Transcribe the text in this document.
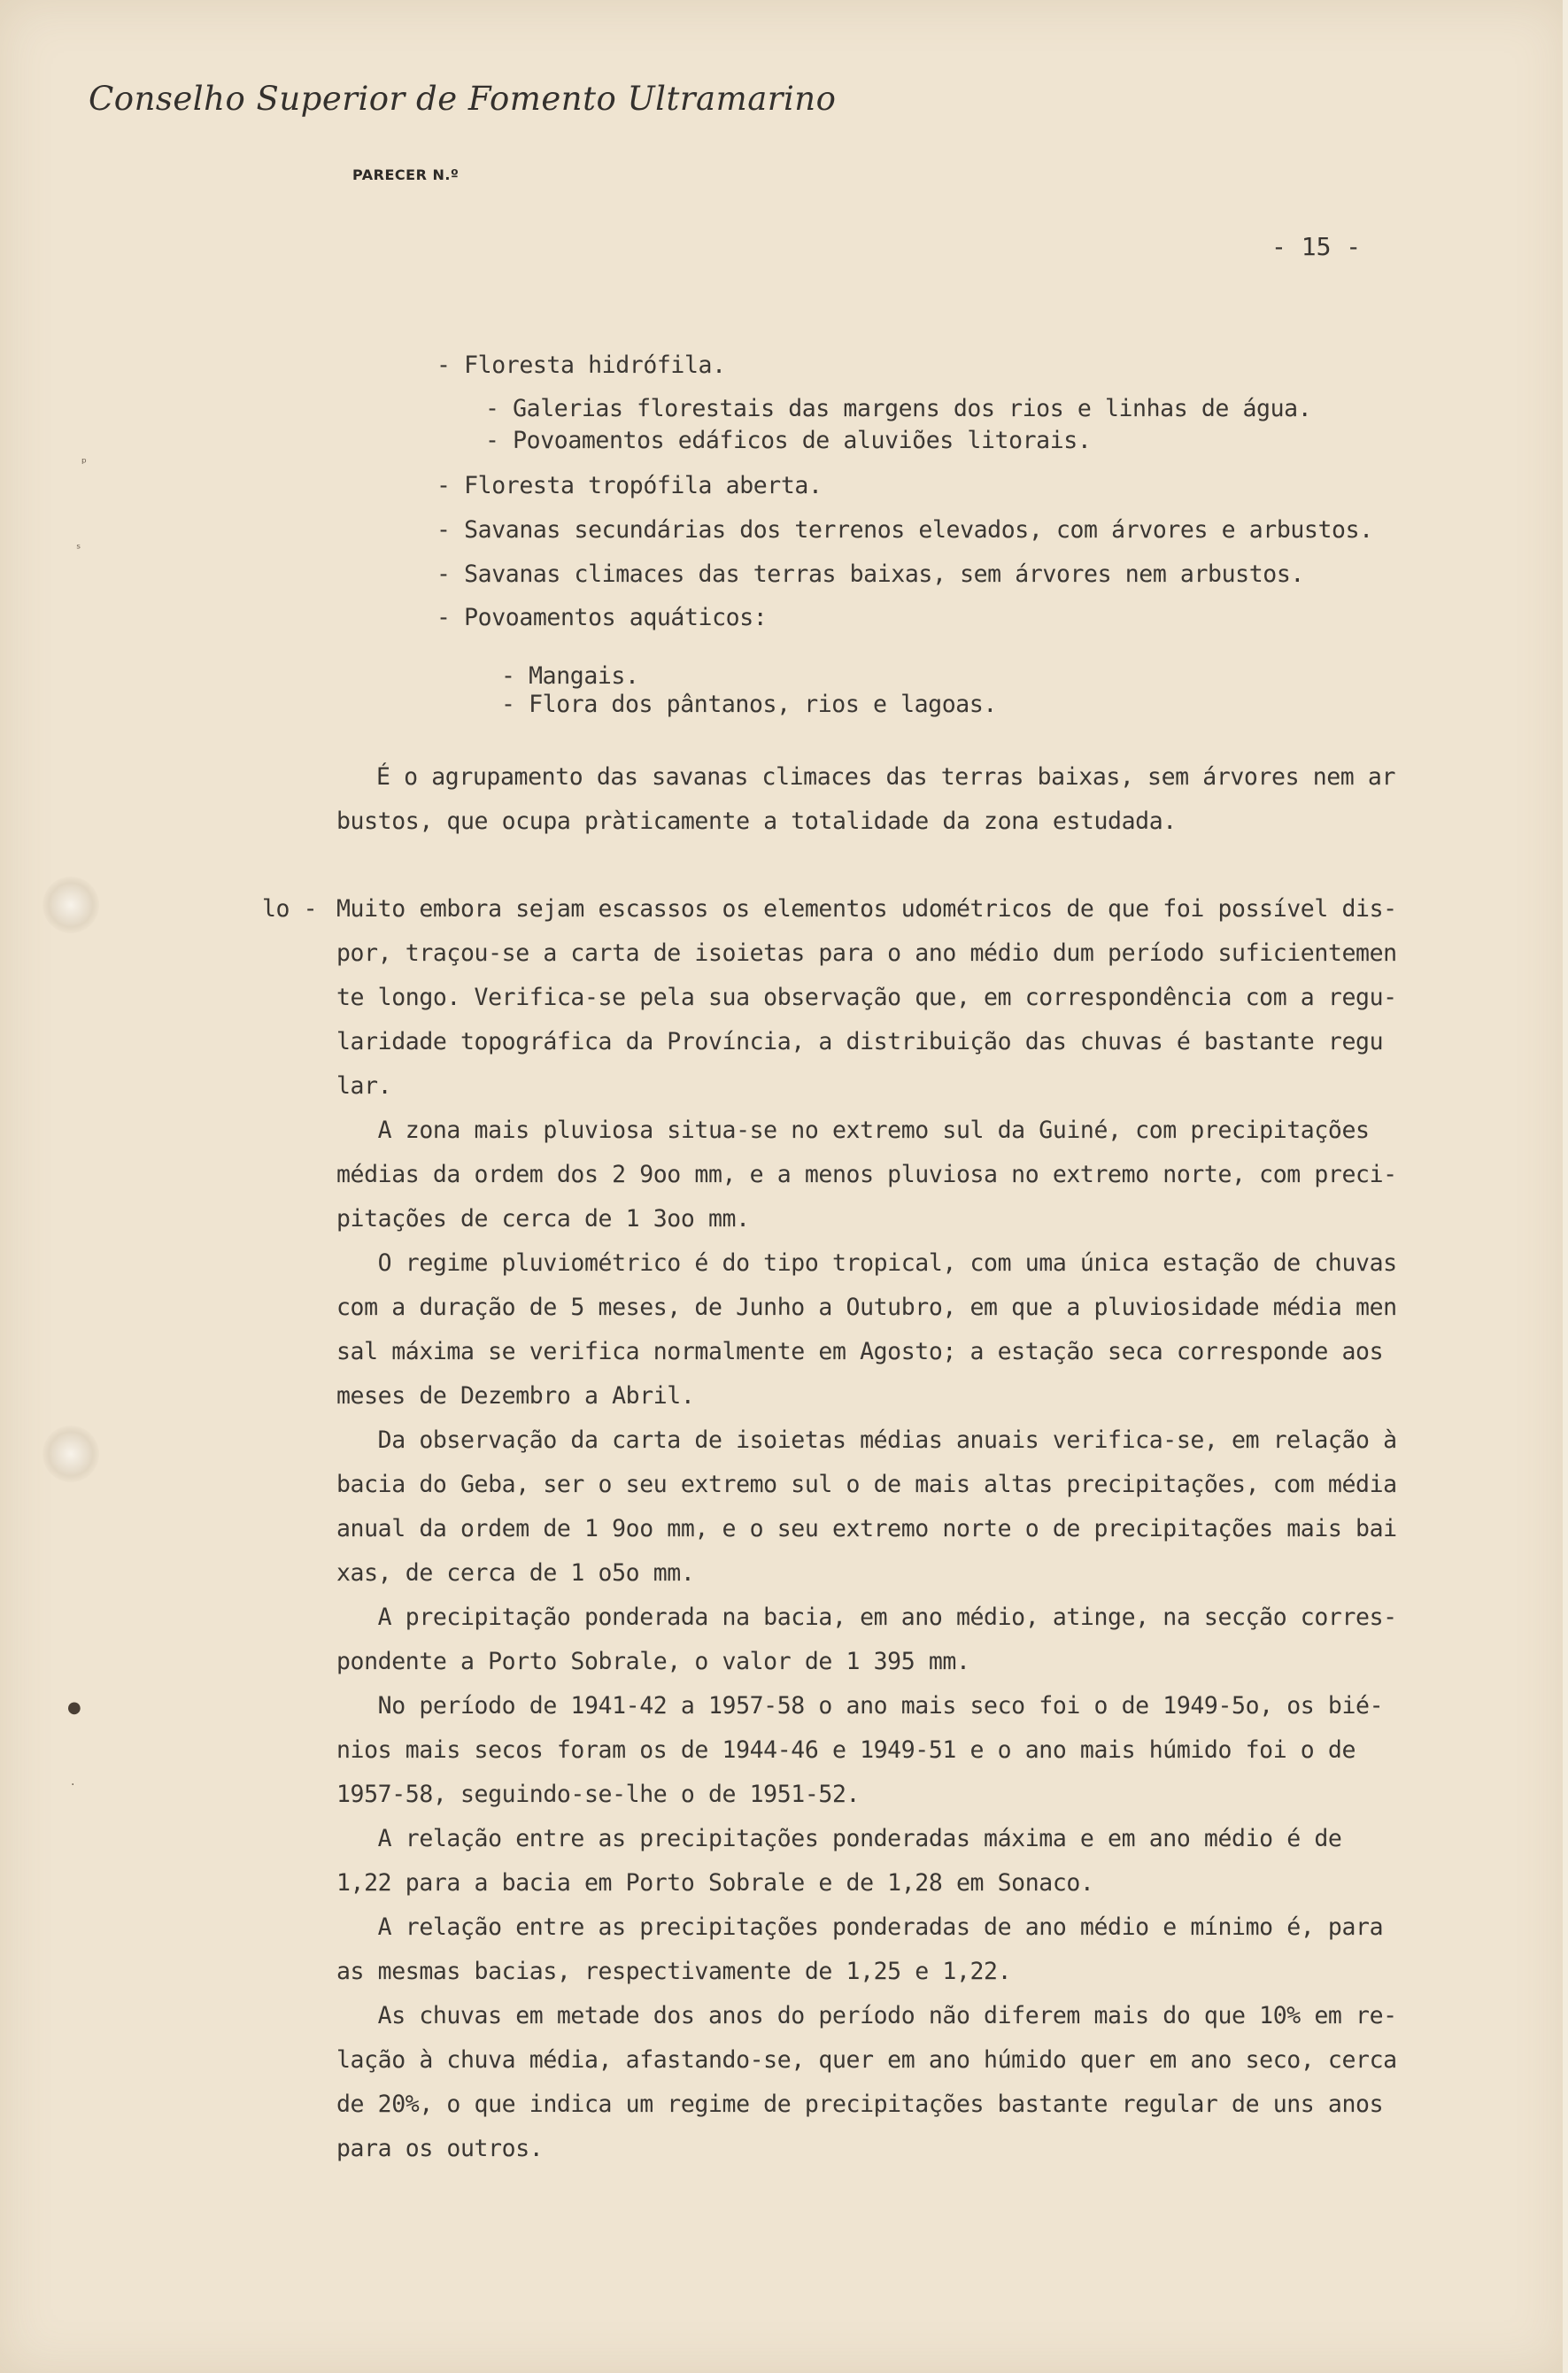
ᵖ
ˢ
●
·
Conselho Superior de Fomento Ultramarino
PARECER N.º
- 15 -
- Floresta hidrófila.
- Galerias florestais das margens dos rios e linhas de água.
- Povoamentos edáficos de aluviões litorais.
- Floresta tropófila aberta.
- Savanas secundárias dos terrenos elevados, com árvores e arbustos.
- Savanas climaces das terras baixas, sem árvores nem arbustos.
- Povoamentos aquáticos:
- Mangais.
- Flora dos pântanos, rios e lagoas.
É o agrupamento das savanas climaces das terras baixas, sem árvores nem ar
bustos, que ocupa pràticamente a totalidade da zona estudada.
lo - Muito embora sejam escassos os elementos udométricos de que foi possível dis-
por, traçou-se a carta de isoietas para o ano médio dum período suficientemen
te longo. Verifica-se pela sua observação que, em correspondência com a regu-
laridade topográfica da Província, a distribuição das chuvas é bastante regu
lar.
A zona mais pluviosa situa-se no extremo sul da Guiné, com precipitações
médias da ordem dos 2 9oo mm, e a menos pluviosa no extremo norte, com preci-
pitações de cerca de 1 3oo mm.
O regime pluviométrico é do tipo tropical, com uma única estação de chuvas
com a duração de 5 meses, de Junho a Outubro, em que a pluviosidade média men
sal máxima se verifica normalmente em Agosto; a estação seca corresponde aos
meses de Dezembro a Abril.
Da observação da carta de isoietas médias anuais verifica-se, em relação à
bacia do Geba, ser o seu extremo sul o de mais altas precipitações, com média
anual da ordem de 1 9oo mm, e o seu extremo norte o de precipitações mais bai
xas, de cerca de 1 o5o mm.
A precipitação ponderada na bacia, em ano médio, atinge, na secção corres-
pondente a Porto Sobrale, o valor de 1 395 mm.
No período de 1941-42 a 1957-58 o ano mais seco foi o de 1949-5o, os bié-
nios mais secos foram os de 1944-46 e 1949-51 e o ano mais húmido foi o de
1957-58, seguindo-se-lhe o de 1951-52.
A relação entre as precipitações ponderadas máxima e em ano médio é de
1,22 para a bacia em Porto Sobrale e de 1,28 em Sonaco.
A relação entre as precipitações ponderadas de ano médio e mínimo é, para
as mesmas bacias, respectivamente de 1,25 e 1,22.
As chuvas em metade dos anos do período não diferem mais do que 10% em re-
lação à chuva média, afastando-se, quer em ano húmido quer em ano seco, cerca
de 20%, o que indica um regime de precipitações bastante regular de uns anos
para os outros.
